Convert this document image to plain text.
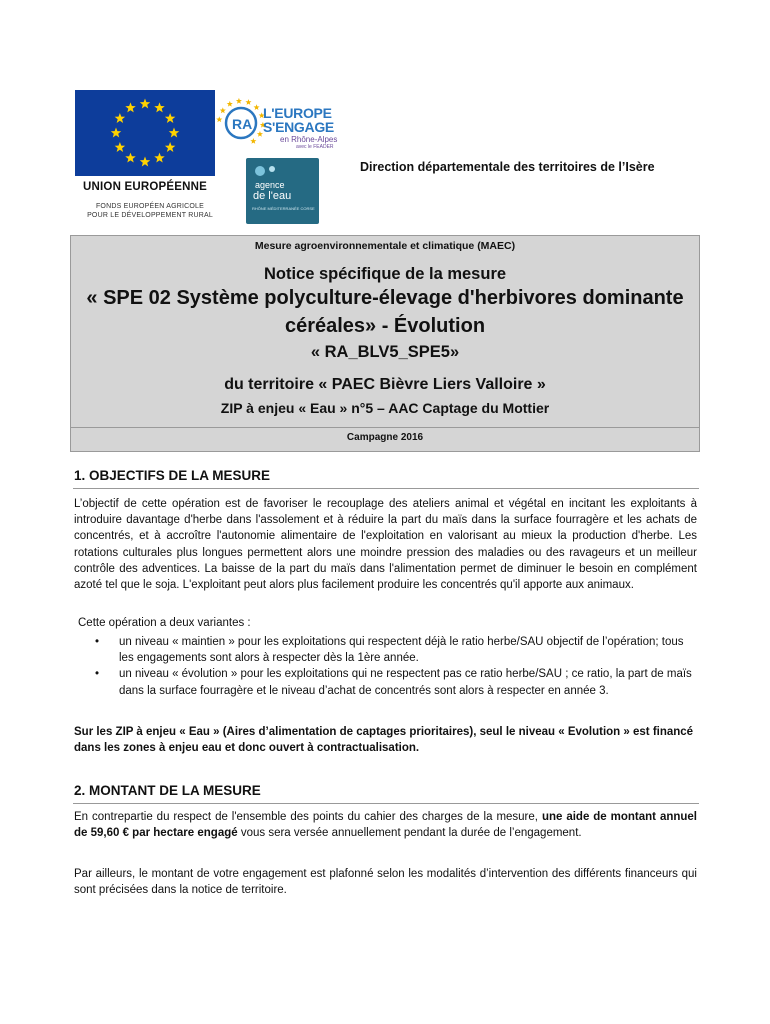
UNION EUROPÉENNE
FONDS EUROPÉEN AGRICOLE
POUR LE DÉVELOPPEMENT RURAL
RA
L'EUROPE
S'ENGAGE
en Rhône-Alpes
avec le FEADER
agence
de l'eau
RHÔNE MÉDITERRANÉE CORSE
Direction départementale des territoires de l’Isère
Mesure agroenvironnementale et climatique (MAEC)
Notice spécifique de la mesure
« SPE 02 Système polyculture-élevage d'herbivores dominante
céréales» - Évolution
« RA_BLV5_SPE5»
du territoire « PAEC Bièvre Liers Valloire »
ZIP à enjeu « Eau » n°5 – AAC Captage du Mottier
Campagne 2016
1. OBJECTIFS DE LA MESURE

L’objectif de cette opération est de favoriser le recouplage des ateliers animal et végétal en incitant les exploitants à introduire davantage d'herbe dans l'assolement et à réduire la part du maïs dans la surface fourragère et les achats de concentrés, et à accroître l'autonomie alimentaire de l'exploitation en valorisant au mieux la production d'herbe. Les rotations culturales plus longues permettent alors une moindre pression des maladies ou des ravageurs et un meilleur contrôle des adventices. La baisse de la part du maïs dans l'alimentation permet de diminuer le besoin en complément azoté tel que le soja. L'exploitant peut alors plus facilement produire les concentrés qu'il apporte aux animaux.

Cette opération a deux variantes :
• un niveau « maintien » pour les exploitations qui respectent déjà le ratio herbe/SAU objectif de l’opération; tous les engagements sont alors à respecter dès la 1ère année.
• un niveau « évolution » pour les exploitations qui ne respectent pas ce ratio herbe/SAU ; ce ratio, la part de maïs dans la surface fourragère et le niveau d’achat de concentrés sont alors à respecter en année 3.

Sur les ZIP à enjeu « Eau » (Aires d’alimentation de captages prioritaires), seul le niveau « Evolution » est financé dans les zones à enjeu eau et donc ouvert à contractualisation.

2. MONTANT DE LA MESURE

En contrepartie du respect de l'ensemble des points du cahier des charges de la mesure, une aide de montant annuel de 59,60 € par hectare engagé vous sera versée annuellement pendant la durée de l’engagement.

Par ailleurs, le montant de votre engagement est plafonné selon les modalités d’intervention des différents financeurs qui sont précisées dans la notice de territoire.
